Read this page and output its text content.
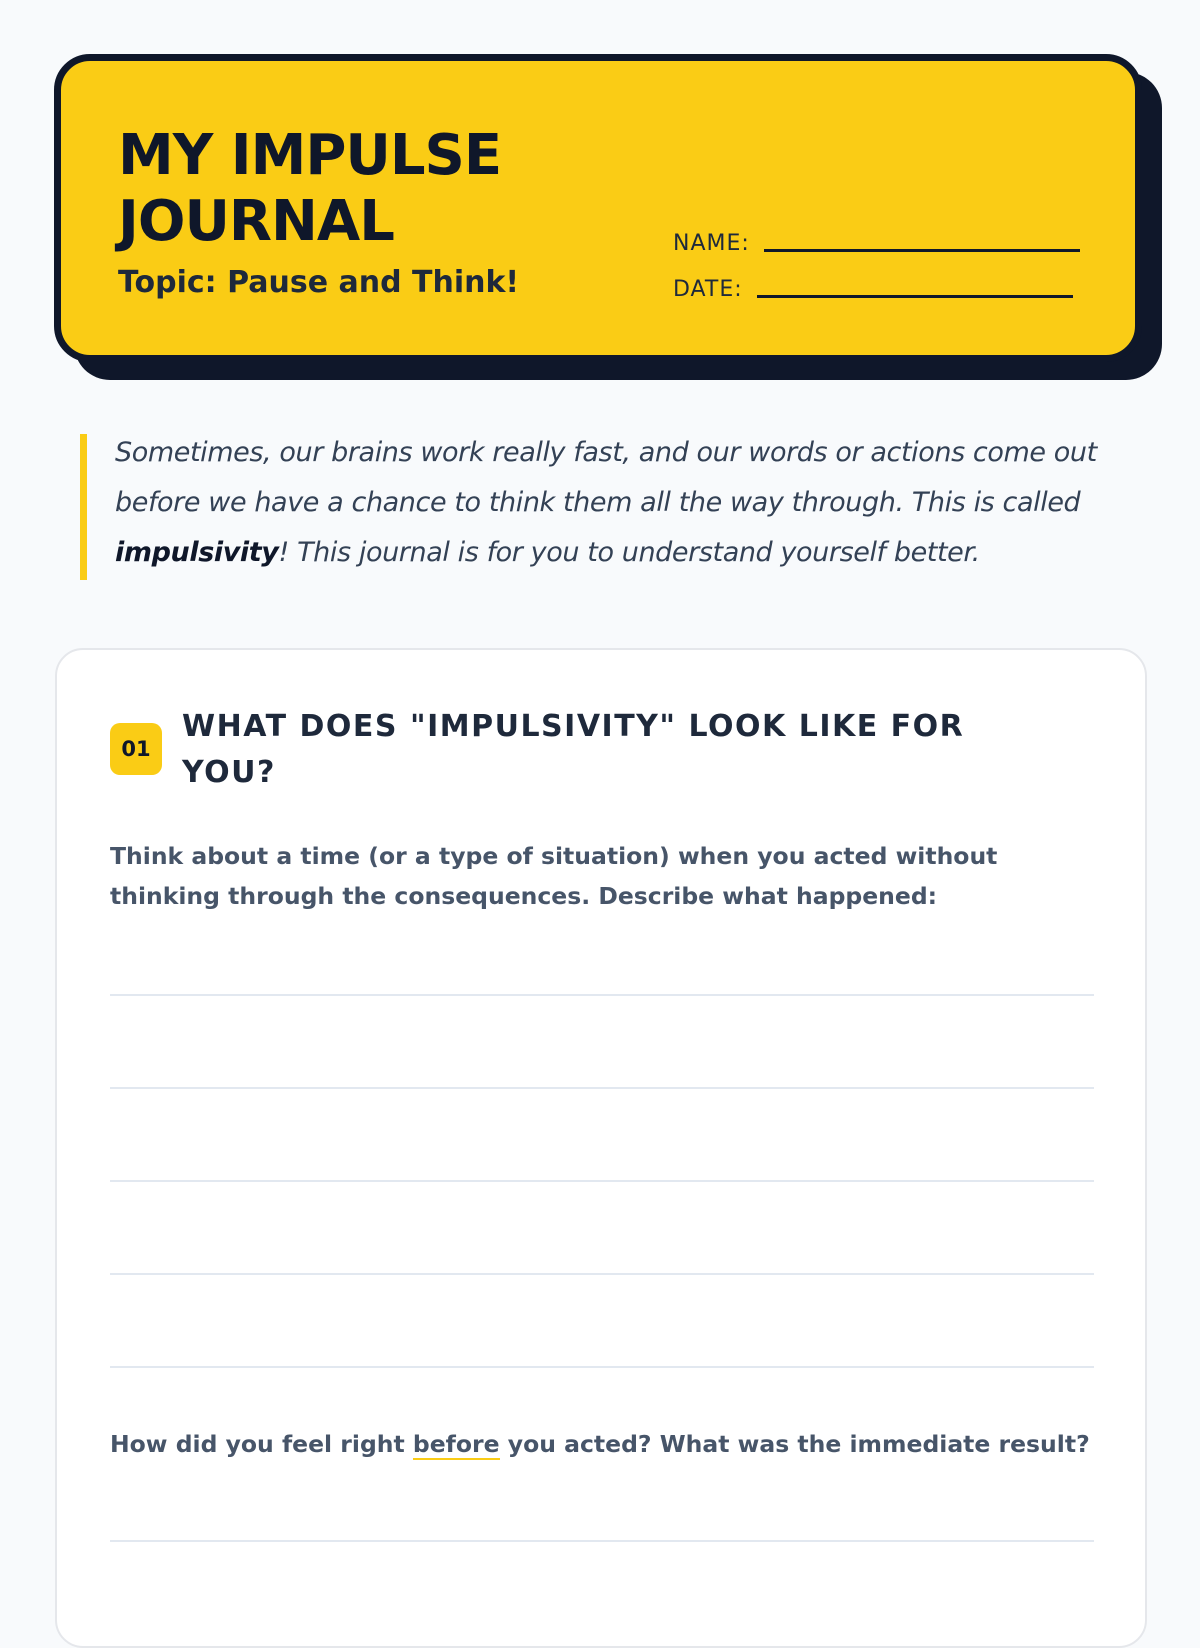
MY IMPULSE JOURNAL
Topic: Pause and Think!
NAME:
DATE:

Sometimes, our brains work really fast, and our words or actions come out before we have a chance to think them all the way through. This is called impulsivity! This journal is for you to understand yourself better.

01
WHAT DOES "IMPULSIVITY" LOOK LIKE FOR YOU?

Think about a time (or a type of situation) when you acted without thinking through the consequences. Describe what happened:

How did you feel right before you acted? What was the immediate result?
